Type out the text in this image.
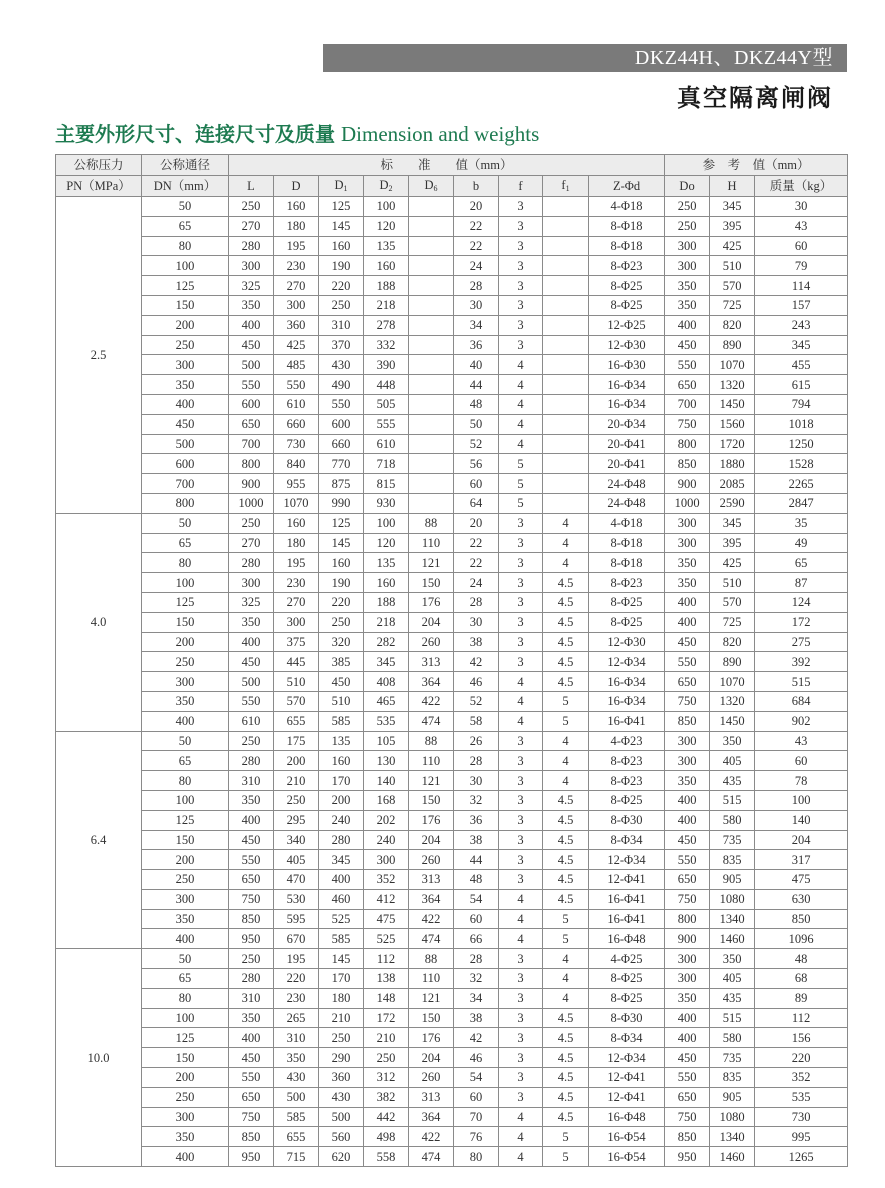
DKZ44H、DKZ44Y型
真空隔离闸阀
主要外形尺寸、连接尺寸及质量 Dimension and weights
公称压力	公称通径	标　　准　　值（mm）									参　考　值（mm）		
PN（MPa）	DN（mm）	L	D	D1	D2	D6	b	f	f1	Z-Φd	Do	H	质量（kg）
2.5	50	250	160	125	100		20	3		4-Φ18	250	345	30
	65	270	180	145	120		22	3		8-Φ18	250	395	43
	80	280	195	160	135		22	3		8-Φ18	300	425	60
	100	300	230	190	160		24	3		8-Φ23	300	510	79
	125	325	270	220	188		28	3		8-Φ25	350	570	114
	150	350	300	250	218		30	3		8-Φ25	350	725	157
	200	400	360	310	278		34	3		12-Φ25	400	820	243
	250	450	425	370	332		36	3		12-Φ30	450	890	345
	300	500	485	430	390		40	4		16-Φ30	550	1070	455
	350	550	550	490	448		44	4		16-Φ34	650	1320	615
	400	600	610	550	505		48	4		16-Φ34	700	1450	794
	450	650	660	600	555		50	4		20-Φ34	750	1560	1018
	500	700	730	660	610		52	4		20-Φ41	800	1720	1250
	600	800	840	770	718		56	5		20-Φ41	850	1880	1528
	700	900	955	875	815		60	5		24-Φ48	900	2085	2265
	800	1000	1070	990	930		64	5		24-Φ48	1000	2590	2847
4.0	50	250	160	125	100	88	20	3	4	4-Φ18	300	345	35
	65	270	180	145	120	110	22	3	4	8-Φ18	300	395	49
	80	280	195	160	135	121	22	3	4	8-Φ18	350	425	65
	100	300	230	190	160	150	24	3	4.5	8-Φ23	350	510	87
	125	325	270	220	188	176	28	3	4.5	8-Φ25	400	570	124
	150	350	300	250	218	204	30	3	4.5	8-Φ25	400	725	172
	200	400	375	320	282	260	38	3	4.5	12-Φ30	450	820	275
	250	450	445	385	345	313	42	3	4.5	12-Φ34	550	890	392
	300	500	510	450	408	364	46	4	4.5	16-Φ34	650	1070	515
	350	550	570	510	465	422	52	4	5	16-Φ34	750	1320	684
	400	610	655	585	535	474	58	4	5	16-Φ41	850	1450	902
6.4	50	250	175	135	105	88	26	3	4	4-Φ23	300	350	43
	65	280	200	160	130	110	28	3	4	8-Φ23	300	405	60
	80	310	210	170	140	121	30	3	4	8-Φ23	350	435	78
	100	350	250	200	168	150	32	3	4.5	8-Φ25	400	515	100
	125	400	295	240	202	176	36	3	4.5	8-Φ30	400	580	140
	150	450	340	280	240	204	38	3	4.5	8-Φ34	450	735	204
	200	550	405	345	300	260	44	3	4.5	12-Φ34	550	835	317
	250	650	470	400	352	313	48	3	4.5	12-Φ41	650	905	475
	300	750	530	460	412	364	54	4	4.5	16-Φ41	750	1080	630
	350	850	595	525	475	422	60	4	5	16-Φ41	800	1340	850
	400	950	670	585	525	474	66	4	5	16-Φ48	900	1460	1096
10.0	50	250	195	145	112	88	28	3	4	4-Φ25	300	350	48
	65	280	220	170	138	110	32	3	4	8-Φ25	300	405	68
	80	310	230	180	148	121	34	3	4	8-Φ25	350	435	89
	100	350	265	210	172	150	38	3	4.5	8-Φ30	400	515	112
	125	400	310	250	210	176	42	3	4.5	8-Φ34	400	580	156
	150	450	350	290	250	204	46	3	4.5	12-Φ34	450	735	220
	200	550	430	360	312	260	54	3	4.5	12-Φ41	550	835	352
	250	650	500	430	382	313	60	3	4.5	12-Φ41	650	905	535
	300	750	585	500	442	364	70	4	4.5	16-Φ48	750	1080	730
	350	850	655	560	498	422	76	4	5	16-Φ54	850	1340	995
	400	950	715	620	558	474	80	4	5	16-Φ54	950	1460	1265
